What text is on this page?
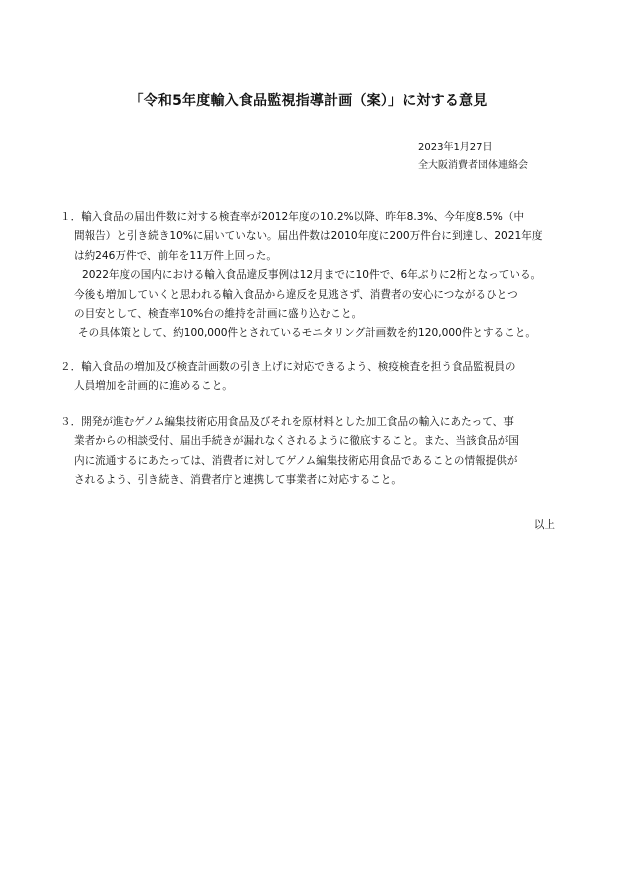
「令和5年度輸入食品監視指導計画（案）」に対する意見
2023年1月27日
全大阪消費者団体連絡会
１．輸入食品の届出件数に対する検査率が2012年度の10.2%以降、昨年8.3%、今年度8.5%（中
間報告）と引き続き10%に届いていない。届出件数は2010年度に200万件台に到達し、2021年度
は約246万件で、前年を11万件上回った。
2022年度の国内における輸入食品違反事例は12月までに10件で、6年ぶりに2桁となっている。
今後も増加していくと思われる輸入食品から違反を見逃さず、消費者の安心につながるひとつ
の目安として、検査率10%台の維持を計画に盛り込むこと。
その具体策として、約100,000件とされているモニタリング計画数を約120,000件とすること。
２．輸入食品の増加及び検査計画数の引き上げに対応できるよう、検疫検査を担う食品監視員の
人員増加を計画的に進めること。
３．開発が進むゲノム編集技術応用食品及びそれを原材料とした加工食品の輸入にあたって、事
業者からの相談受付、届出手続きが漏れなくされるように徹底すること。また、当該食品が国
内に流通するにあたっては、消費者に対してゲノム編集技術応用食品であることの情報提供が
されるよう、引き続き、消費者庁と連携して事業者に対応すること。
以上
